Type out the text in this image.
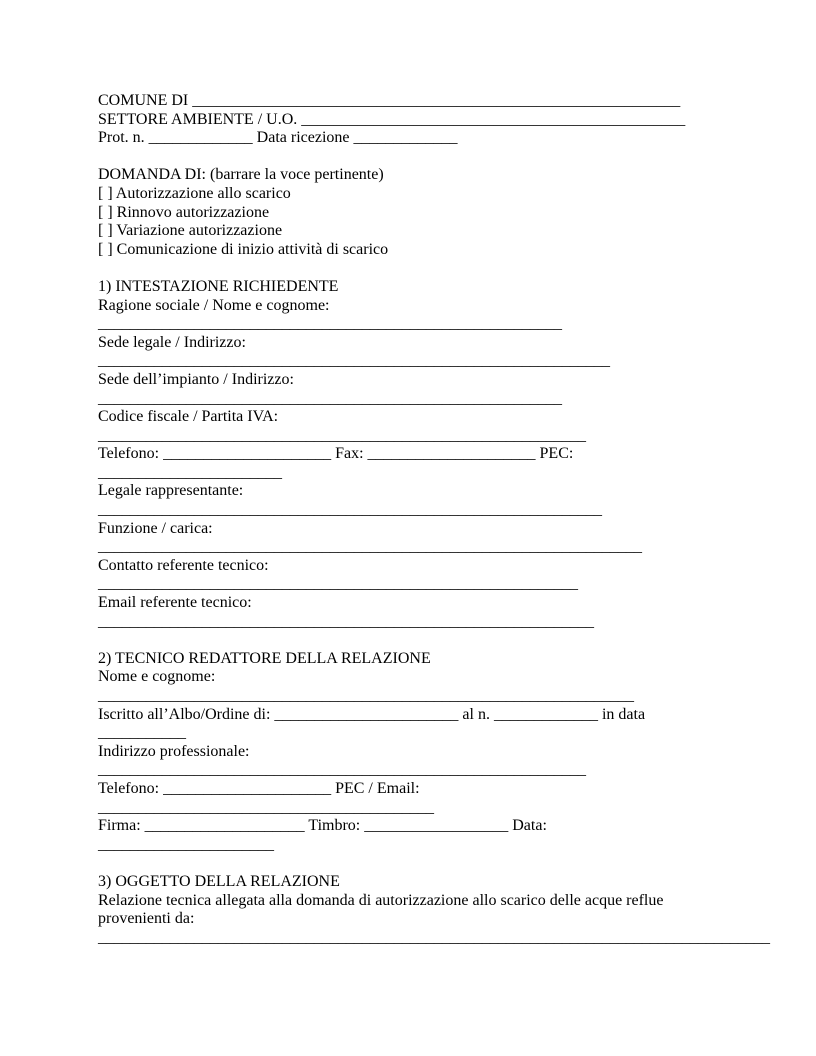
COMUNE DI _____________________________________________________________
SETTORE AMBIENTE / U.O. ________________________________________________
Prot. n. _____________ Data ricezione _____________
DOMANDA DI: (barrare la voce pertinente)
[ ] Autorizzazione allo scarico
[ ] Rinnovo autorizzazione
[ ] Variazione autorizzazione
[ ] Comunicazione di inizio attività di scarico
1) INTESTAZIONE RICHIEDENTE
Ragione sociale / Nome e cognome:
__________________________________________________________
Sede legale / Indirizzo:
________________________________________________________________
Sede dell’impianto / Indirizzo:
__________________________________________________________
Codice fiscale / Partita IVA:
_____________________________________________________________
Telefono: _____________________ Fax: _____________________ PEC:
_______________________
Legale rappresentante:
_______________________________________________________________
Funzione / carica:
____________________________________________________________________
Contatto referente tecnico:
____________________________________________________________
Email referente tecnico:
______________________________________________________________
2) TECNICO REDATTORE DELLA RELAZIONE
Nome e cognome:
___________________________________________________________________
Iscritto all’Albo/Ordine di: _______________________ al n. _____________ in data
___________
Indirizzo professionale:
_____________________________________________________________
Telefono: _____________________ PEC / Email:
__________________________________________
Firma: ____________________ Timbro: __________________ Data:
______________________
3) OGGETTO DELLA RELAZIONE
Relazione tecnica allegata alla domanda di autorizzazione allo scarico delle acque reflue
provenienti da:
____________________________________________________________________________________
